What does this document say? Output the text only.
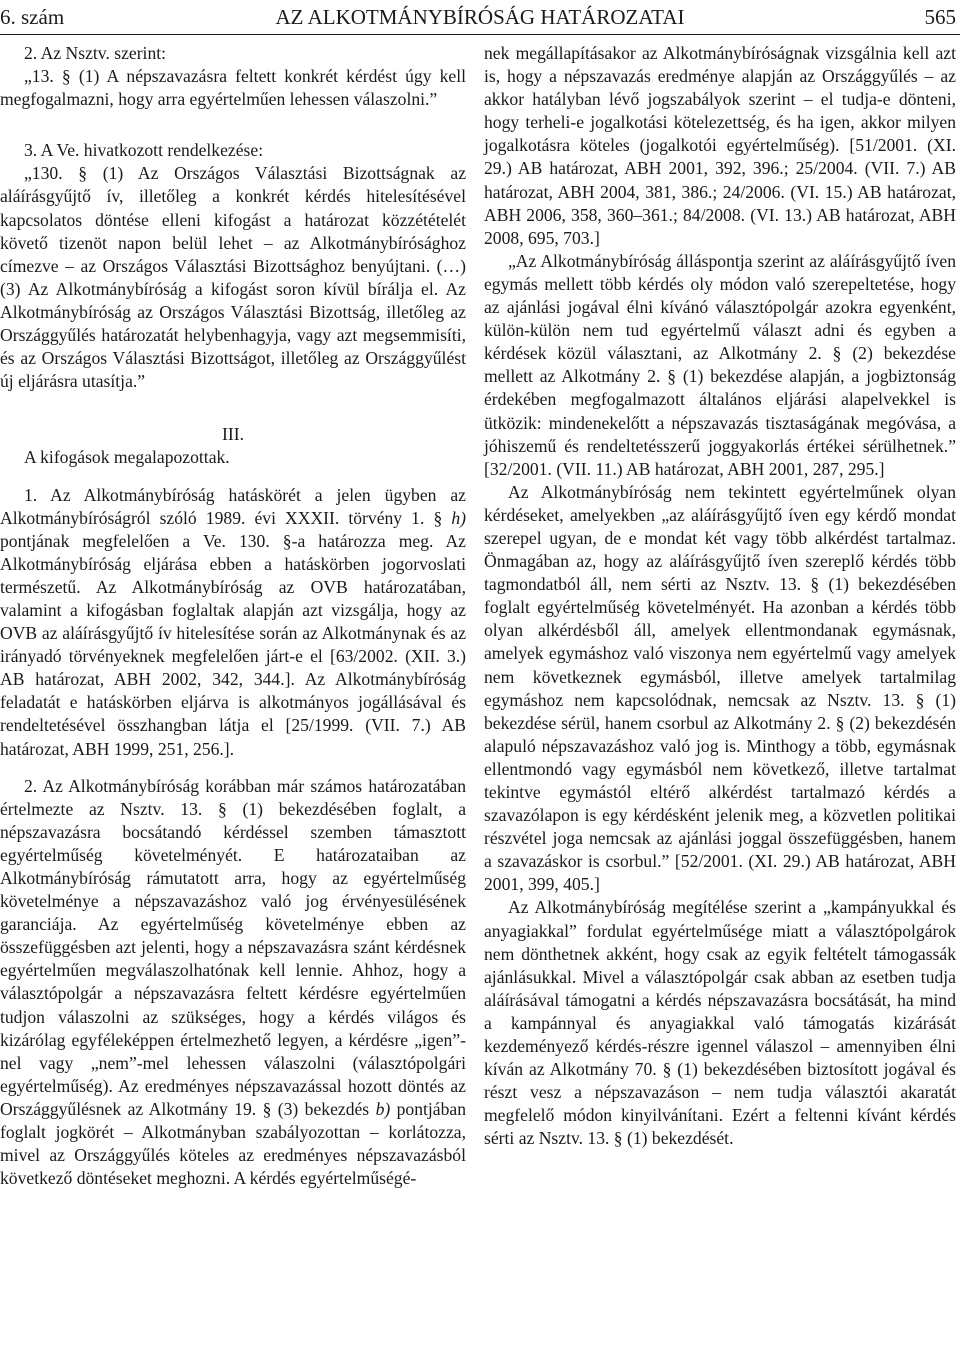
6. szám	AZ ALKOTMÁNYBÍRÓSÁG HATÁROZATAI	565

2. Az Nsztv. szerint:

„13. § (1) A népszavazásra feltett konkrét kérdést úgy kell megfogalmazni, hogy arra egyértelműen lehessen válaszolni.”

3. A Ve. hivatkozott rendelkezése:

„130. § (1) Az Országos Választási Bizottságnak az aláírásgyűjtő ív, illetőleg a konkrét kérdés hitelesítésével kapcsolatos döntése elleni kifogást a határozat közzétételét követő tizenöt napon belül lehet – az Alkotmánybírósághoz címezve – az Országos Választási Bizottsághoz benyújtani. (…) (3) Az Alkotmánybíróság a kifogást soron kívül bírálja el. Az Alkotmánybíróság az Országos Választási Bizottság, illetőleg az Országgyűlés határozatát helybenhagyja, vagy azt megsemmisíti, és az Országos Választási Bizottságot, illetőleg az Országgyűlést új eljárásra utasítja.”

III.

A kifogások megalapozottak.

1. Az Alkotmánybíróság hatáskörét a jelen ügyben az Alkotmánybíróságról szóló 1989. évi XXXII. törvény 1. § h) pontjának megfelelően a Ve. 130. §-a határozza meg. Az Alkotmánybíróság eljárása ebben a hatáskörben jogorvoslati természetű. Az Alkotmánybíróság az OVB határozatában, valamint a kifogásban foglaltak alapján azt vizsgálja, hogy az OVB az aláírásgyűjtő ív hitelesítése során az Alkotmánynak és az irányadó törvényeknek megfelelően járt-e el [63/2002. (XII. 3.) AB határozat, ABH 2002, 342, 344.]. Az Alkotmánybíróság feladatát e hatáskörben eljárva is alkotmányos jogállásával és rendeltetésével összhangban látja el [25/1999. (VII. 7.) AB határozat, ABH 1999, 251, 256.].

2. Az Alkotmánybíróság korábban már számos határozatában értelmezte az Nsztv. 13. § (1) bekezdésében foglalt, a népszavazásra bocsátandó kérdéssel szemben támasztott egyértelműség követelményét. E határozataiban az Alkotmánybíróság rámutatott arra, hogy az egyértelműség követelménye a népszavazáshoz való jog érvényesülésének garanciája. Az egyértelműség követelménye ebben az összefüggésben azt jelenti, hogy a népszavazásra szánt kérdésnek egyértelműen megválaszolhatónak kell lennie. Ahhoz, hogy a választópolgár a népszavazásra feltett kérdésre egyértelműen tudjon válaszolni az szükséges, hogy a kérdés világos és kizárólag egyféleképpen értelmezhető legyen, a kérdésre „igen”-nel vagy „nem”-mel lehessen válaszolni (választópolgári egyértelműség). Az eredményes népszavazással hozott döntés az Országgyűlésnek az Alkotmány 19. § (3) bekezdés b) pontjában foglalt jogkörét – Alkotmányban szabályozottan – korlátozza, mivel az Országgyűlés köteles az eredményes népszavazásból következő döntéseket meghozni. A kérdés egyértelműségé-

nek megállapításakor az Alkotmánybíróságnak vizsgálnia kell azt is, hogy a népszavazás eredménye alapján az Országgyűlés – az akkor hatályban lévő jogszabályok szerint – el tudja-e dönteni, hogy terheli-e jogalkotási kötelezettség, és ha igen, akkor milyen jogalkotásra köteles (jogalkotói egyértelműség). [51/2001. (XI. 29.) AB határozat, ABH 2001, 392, 396.; 25/2004. (VII. 7.) AB határozat, ABH 2004, 381, 386.; 24/2006. (VI. 15.) AB határozat, ABH 2006, 358, 360–361.; 84/2008. (VI. 13.) AB határozat, ABH 2008, 695, 703.]

„Az Alkotmánybíróság álláspontja szerint az aláírásgyűjtő íven egymás mellett több kérdés oly módon való szerepeltetése, hogy az ajánlási jogával élni kívánó választópolgár azokra egyenként, külön-külön nem tud egyértelmű választ adni és egyben a kérdések közül választani, az Alkotmány 2. § (2) bekezdése mellett az Alkotmány 2. § (1) bekezdése alapján, a jogbiztonság érdekében megfogalmazott általános eljárási alapelvekkel is ütközik: mindenekelőtt a népszavazás tisztaságának megóvása, a jóhiszemű és rendeltetésszerű joggyakorlás értékei sérülhetnek.” [32/2001. (VII. 11.) AB határozat, ABH 2001, 287, 295.]

Az Alkotmánybíróság nem tekintett egyértelműnek olyan kérdéseket, amelyekben „az aláírásgyűjtő íven egy kérdő mondat szerepel ugyan, de e mondat két vagy több alkérdést tartalmaz. Önmagában az, hogy az aláírásgyűjtő íven szereplő kérdés több tagmondatból áll, nem sérti az Nsztv. 13. § (1) bekezdésében foglalt egyértelműség követelményét. Ha azonban a kérdés több olyan alkérdésből áll, amelyek ellentmondanak egymásnak, amelyek egymáshoz való viszonya nem egyértelmű vagy amelyek nem következnek egymásból, illetve amelyek tartalmilag egymáshoz nem kapcsolódnak, nemcsak az Nsztv. 13. § (1) bekezdése sérül, hanem csorbul az Alkotmány 2. § (2) bekezdésén alapuló népszavazáshoz való jog is. Minthogy a több, egymásnak ellentmondó vagy egymásból nem következő, illetve tartalmat tekintve egymástól eltérő alkérdést tartalmazó kérdés a szavazólapon is egy kérdésként jelenik meg, a közvetlen politikai részvétel joga nemcsak az ajánlási joggal összefüggésben, hanem a szavazáskor is csorbul.” [52/2001. (XI. 29.) AB határozat, ABH 2001, 399, 405.]

Az Alkotmánybíróság megítélése szerint a „kampányukkal és anyagiakkal” fordulat egyértelműsége miatt a választópolgárok nem dönthetnek akként, hogy csak az egyik feltételt támogassák ajánlásukkal. Mivel a választópolgár csak abban az esetben tudja aláírásával támogatni a kérdés népszavazásra bocsátását, ha mind a kampánnyal és anyagiakkal való támogatás kizárását kezdeményező kérdés-részre igennel válaszol – amennyiben élni kíván az Alkotmány 70. § (1) bekezdésében biztosított jogával és részt vesz a népszavazáson – nem tudja választói akaratát megfelelő módon kinyilvánítani. Ezért a feltenni kívánt kérdés sérti az Nsztv. 13. § (1) bekezdését.
